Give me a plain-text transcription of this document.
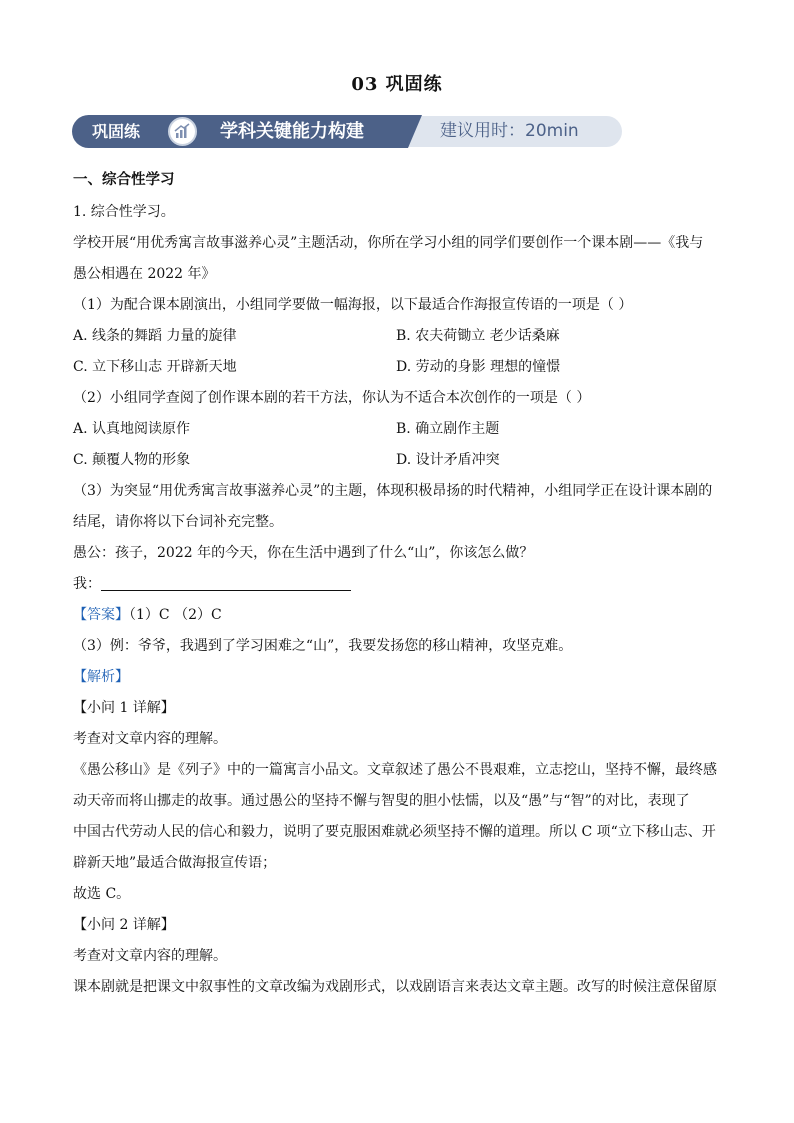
03 巩固练
巩固练	学科关键能力构建	建议用时：20min
一、综合性学习
1. 综合性学习。
学校开展“用优秀寓言故事滋养心灵”主题活动，你所在学习小组的同学们要创作一个课本剧——《我与
愚公相遇在 2022 年》
（1）为配合课本剧演出，小组同学要做一幅海报，以下最适合作海报宣传语的一项是（ ）
A. 线条的舞蹈 力量的旋律	B. 农夫荷锄立 老少话桑麻
C. 立下移山志 开辟新天地	D. 劳动的身影 理想的憧憬
（2）小组同学查阅了创作课本剧的若干方法，你认为不适合本次创作的一项是（ ）
A. 认真地阅读原作	B. 确立剧作主题
C. 颠覆人物的形象	D. 设计矛盾冲突
（3）为突显“用优秀寓言故事滋养心灵”的主题，体现积极昂扬的时代精神，小组同学正在设计课本剧的
结尾，请你将以下台词补充完整。
愚公：孩子，2022 年的今天，你在生活中遇到了什么“山”，你该怎么做？
我：
【答案】（1）C （2）C
（3）例：爷爷，我遇到了学习困难之“山”，我要发扬您的移山精神，攻坚克难。
【解析】
【小问 1 详解】
考查对文章内容的理解。
《愚公移山》是《列子》中的一篇寓言小品文。文章叙述了愚公不畏艰难，立志挖山，坚持不懈，最终感
动天帝而将山挪走的故事。通过愚公的坚持不懈与智叟的胆小怯懦，以及“愚”与“智”的对比，表现了
中国古代劳动人民的信心和毅力，说明了要克服困难就必须坚持不懈的道理。所以 C 项“立下移山志、开
辟新天地”最适合做海报宣传语；
故选 C。
【小问 2 详解】
考查对文章内容的理解。
课本剧就是把课文中叙事性的文章改编为戏剧形式，以戏剧语言来表达文章主题。改写的时候注意保留原
